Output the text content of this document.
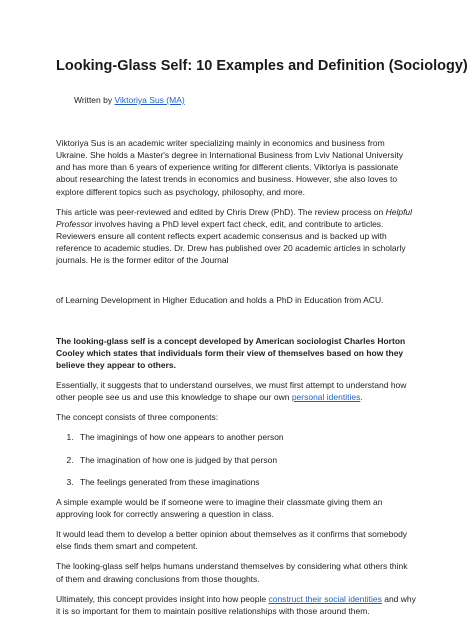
Looking-Glass Self: 10 Examples and Definition (Sociology)
Written by Viktoriya Sus (MA)

Viktoriya Sus is an academic writer specializing mainly in economics and business from Ukraine. She holds a Master's degree in International Business from Lviv National University and has more than 6 years of experience writing for different clients. Viktoriya is passionate about researching the latest trends in economics and business. However, she also loves to explore different topics such as psychology, philosophy, and more.

This article was peer-reviewed and edited by Chris Drew (PhD). The review process on Helpful Professor involves having a PhD level expert fact check, edit, and contribute to articles. Reviewers ensure all content reflects expert academic consensus and is backed up with reference to academic studies. Dr. Drew has published over 20 academic articles in scholarly journals. He is the former editor of the Journal

of Learning Development in Higher Education and holds a PhD in Education from ACU.

The looking-glass self is a concept developed by American sociologist Charles Horton Cooley which states that individuals form their view of themselves based on how they believe they appear to others.

Essentially, it suggests that to understand ourselves, we must first attempt to understand how other people see us and use this knowledge to shape our own personal identities.

The concept consists of three components:

1. The imaginings of how one appears to another person
2. The imagination of how one is judged by that person
3. The feelings generated from these imaginations

A simple example would be if someone were to imagine their classmate giving them an approving look for correctly answering a question in class.

It would lead them to develop a better opinion about themselves as it confirms that somebody else finds them smart and competent.

The looking-glass self helps humans understand themselves by considering what others think of them and drawing conclusions from those thoughts.

Ultimately, this concept provides insight into how people construct their social identities and why it is so important for them to maintain positive relationships with those around them.
